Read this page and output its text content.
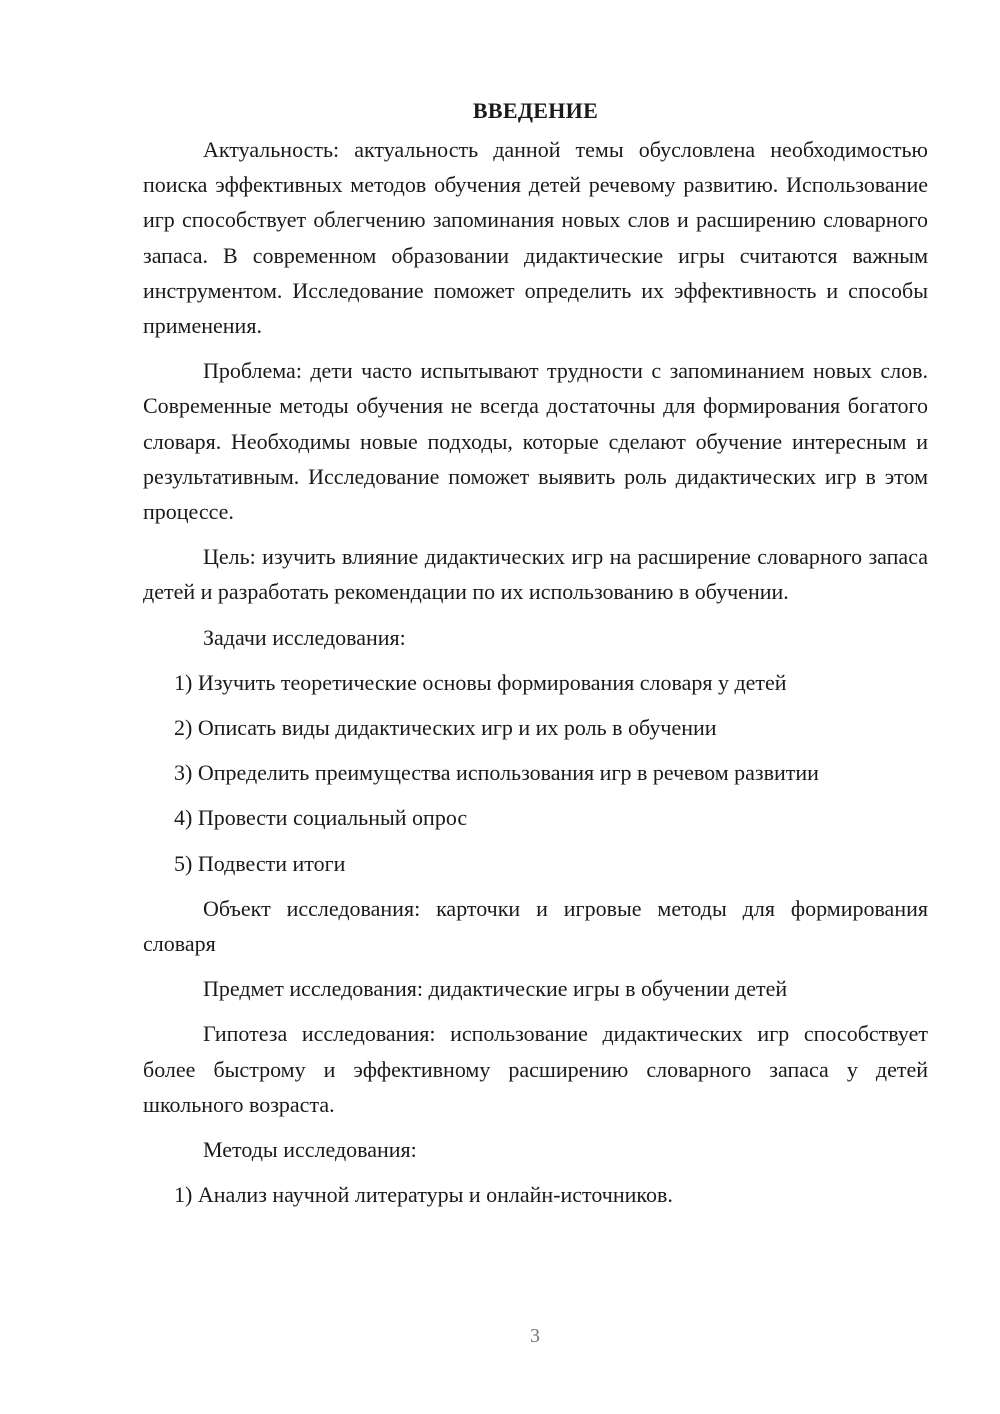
ВВЕДЕНИЕ

Актуальность: актуальность данной темы обусловлена необходимостью поиска эффективных методов обучения детей речевому развитию. Использование игр способствует облегчению запоминания новых слов и расширению словарного запаса. В современном образовании дидактические игры считаются важным инструментом. Исследование поможет определить их эффективность и способы применения.

Проблема: дети часто испытывают трудности с запоминанием новых слов. Современные методы обучения не всегда достаточны для формирования богатого словаря. Необходимы новые подходы, которые сделают обучение интересным и результативным. Исследование поможет выявить роль дидактических игр в этом процессе.

Цель: изучить влияние дидактических игр на расширение словарного запаса детей и разработать рекомендации по их использованию в обучении.

Задачи исследования:
1) Изучить теоретические основы формирования словаря у детей
2) Описать виды дидактических игр и их роль в обучении
3) Определить преимущества использования игр в речевом развитии
4) Провести социальный опрос
5) Подвести итоги

Объект исследования: карточки и игровые методы для формирования словаря

Предмет исследования: дидактические игры в обучении детей

Гипотеза исследования: использование дидактических игр способствует более быстрому и эффективному расширению словарного запаса у детей школьного возраста.

Методы исследования:
1) Анализ научной литературы и онлайн-источников.
3
